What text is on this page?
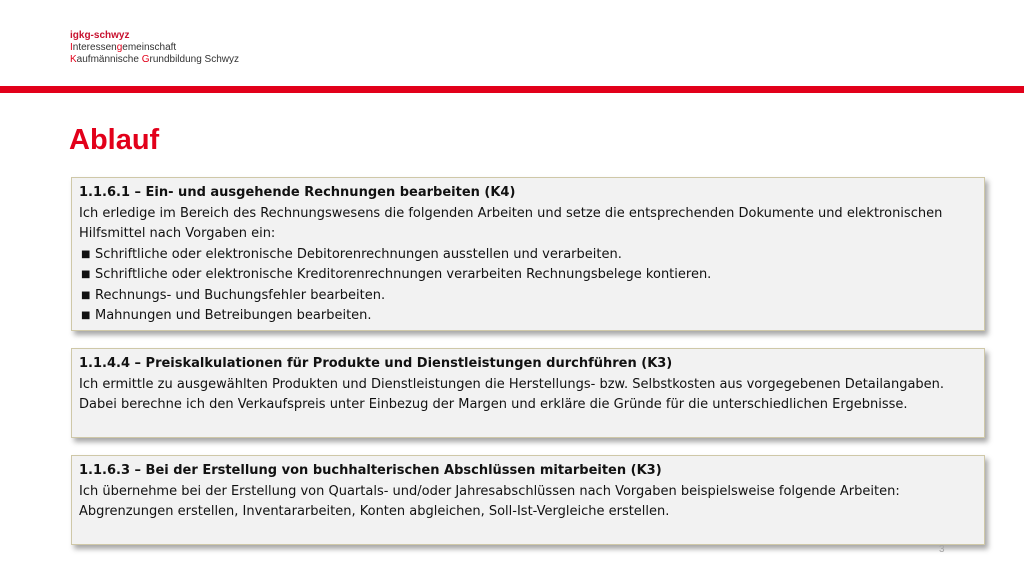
igkg-schwyz
Interessengemeinschaft
Kaufmännische Grundbildung Schwyz
Ablauf
1.1.6.1 – Ein- und ausgehende Rechnungen bearbeiten (K4)
Ich erledige im Bereich des Rechnungswesens die folgenden Arbeiten und setze die entsprechenden Dokumente und elektronischen Hilfsmittel nach Vorgaben ein:
■ Schriftliche oder elektronische Debitorenrechnungen ausstellen und verarbeiten.
■ Schriftliche oder elektronische Kreditorenrechnungen verarbeiten Rechnungsbelege kontieren.
■ Rechnungs- und Buchungsfehler bearbeiten.
■ Mahnungen und Betreibungen bearbeiten.
1.1.4.4 – Preiskalkulationen für Produkte und Dienstleistungen durchführen (K3)
Ich ermittle zu ausgewählten Produkten und Dienstleistungen die Herstellungs- bzw. Selbstkosten aus vorgegebenen Detailangaben. Dabei berechne ich den Verkaufspreis unter Einbezug der Margen und erkläre die Gründe für die unterschiedlichen Ergebnisse.
1.1.6.3 – Bei der Erstellung von buchhalterischen Abschlüssen mitarbeiten (K3)
Ich übernehme bei der Erstellung von Quartals- und/oder Jahresabschlüssen nach Vorgaben beispielsweise folgende Arbeiten: Abgrenzungen erstellen, Inventararbeiten, Konten abgleichen, Soll-Ist-Vergleiche erstellen.
3
